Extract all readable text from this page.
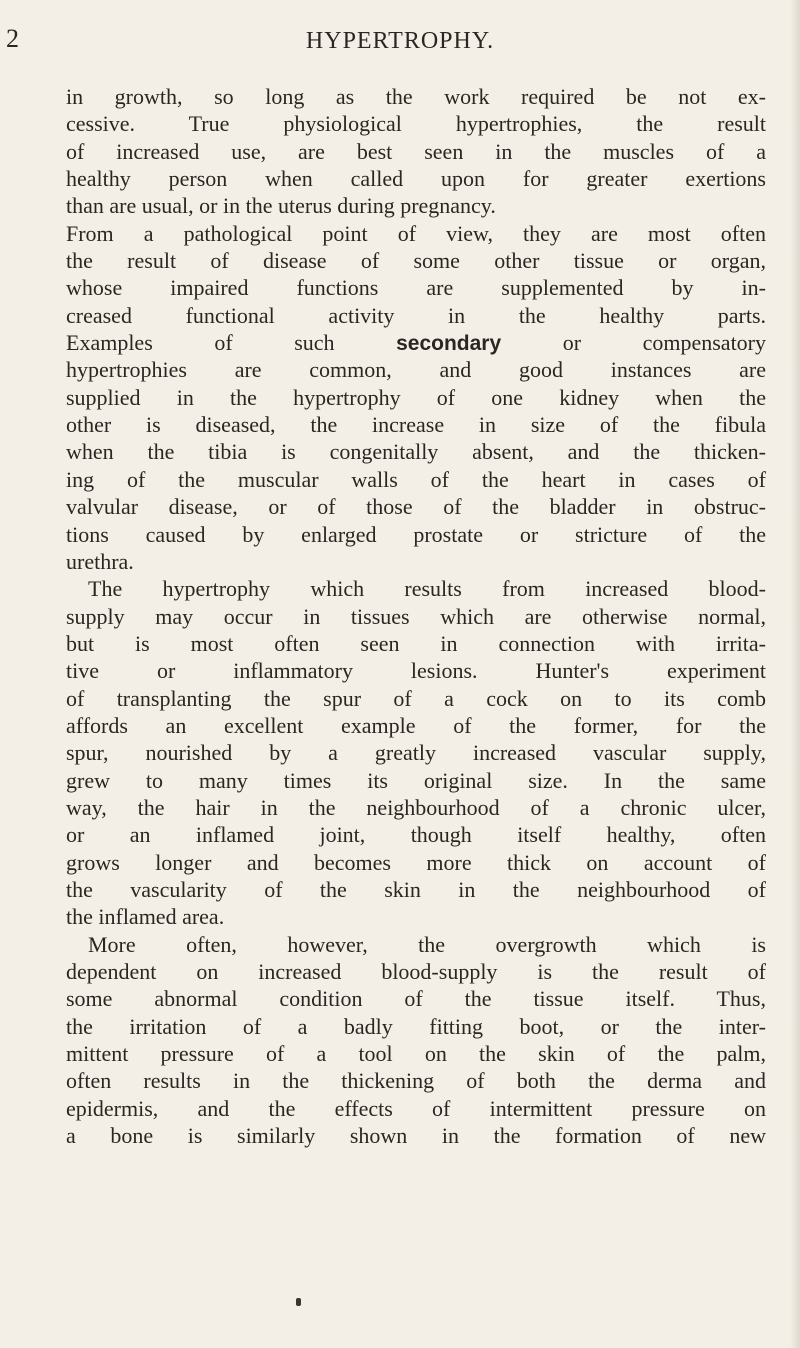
2	HYPERTROPHY.
in growth, so long as the work required be not ex-
cessive. True physiological hypertrophies, the result
of increased use, are best seen in the muscles of a
healthy person when called upon for greater exertions
than are usual, or in the uterus during pregnancy.
From a pathological point of view, they are most often
the result of disease of some other tissue or organ,
whose impaired functions are supplemented by in-
creased functional activity in the healthy parts.
Examples of such secondary or compensatory
hypertrophies are common, and good instances are
supplied in the hypertrophy of one kidney when the
other is diseased, the increase in size of the fibula
when the tibia is congenitally absent, and the thicken-
ing of the muscular walls of the heart in cases of
valvular disease, or of those of the bladder in obstruc-
tions caused by enlarged prostate or stricture of the
urethra.
The hypertrophy which results from increased blood-
supply may occur in tissues which are otherwise normal,
but is most often seen in connection with irrita-
tive or inflammatory lesions. Hunter's experiment
of transplanting the spur of a cock on to its comb
affords an excellent example of the former, for the
spur, nourished by a greatly increased vascular supply,
grew to many times its original size. In the same
way, the hair in the neighbourhood of a chronic ulcer,
or an inflamed joint, though itself healthy, often
grows longer and becomes more thick on account of
the vascularity of the skin in the neighbourhood of
the inflamed area.
More often, however, the overgrowth which is
dependent on increased blood-supply is the result of
some abnormal condition of the tissue itself. Thus,
the irritation of a badly fitting boot, or the inter-
mittent pressure of a tool on the skin of the palm,
often results in the thickening of both the derma and
epidermis, and the effects of intermittent pressure on
a bone is similarly shown in the formation of new
